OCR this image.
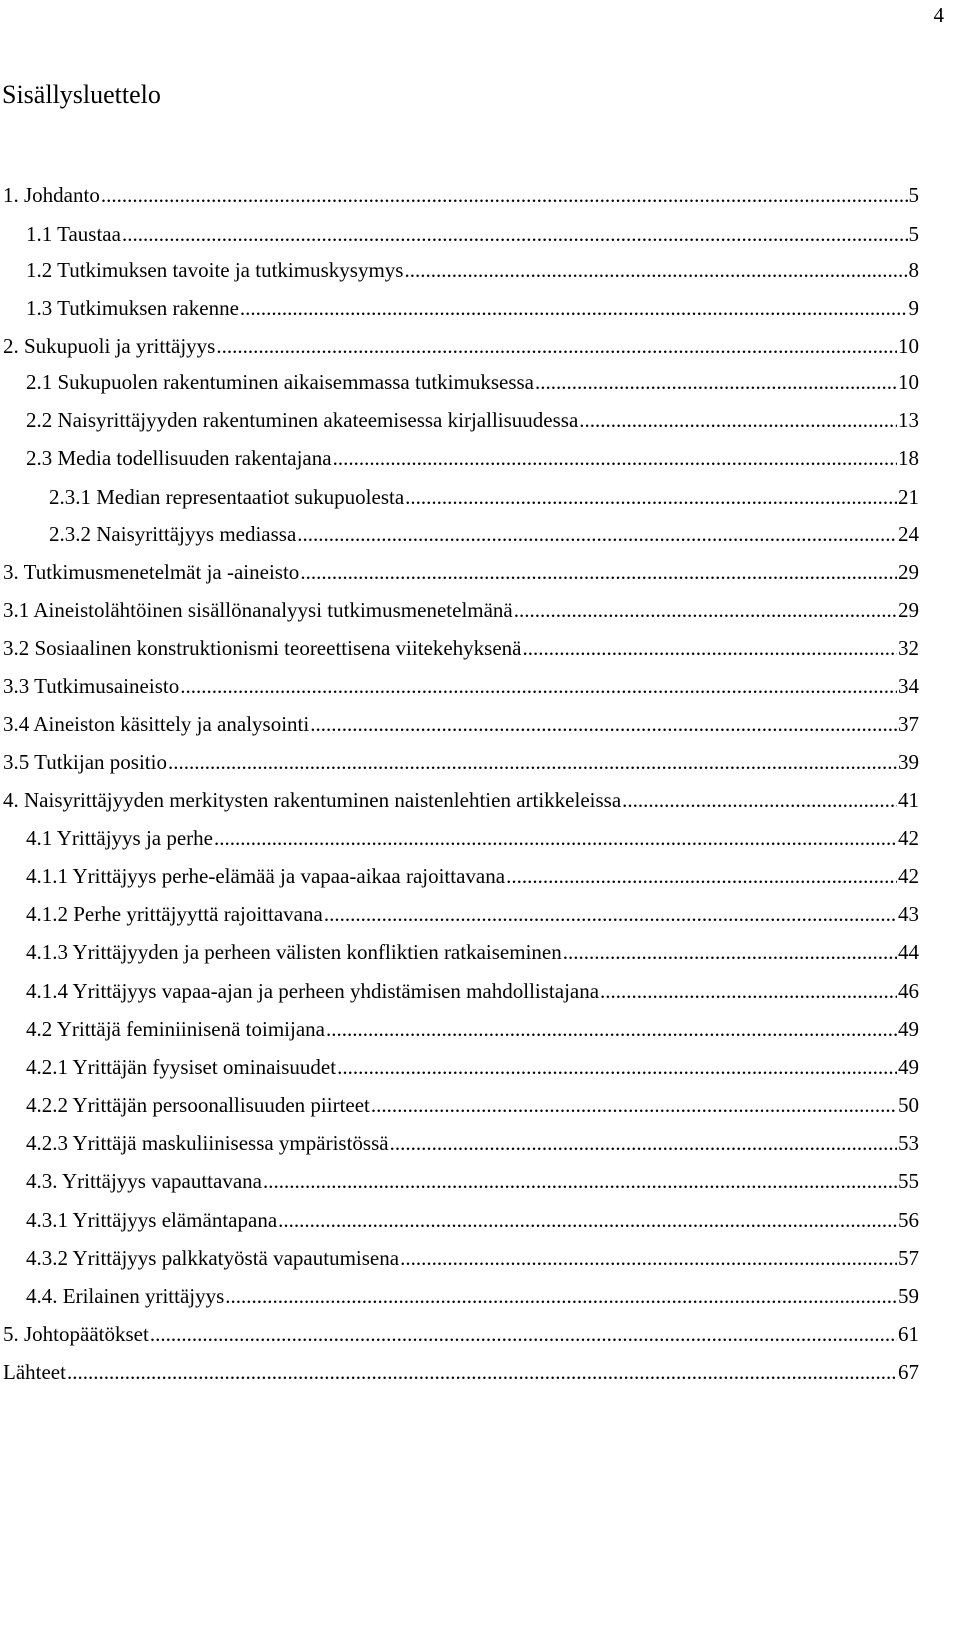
4
Sisällysluettelo
1. Johdanto .....	5
1.1 Taustaa .....	5
1.2 Tutkimuksen tavoite ja tutkimuskysymys .....	8
1.3 Tutkimuksen rakenne .....	9
2. Sukupuoli ja yrittäjyys .....	10
2.1 Sukupuolen rakentuminen aikaisemmassa tutkimuksessa .....	10
2.2 Naisyrittäjyyden rakentuminen akateemisessa kirjallisuudessa .....	13
2.3 Media todellisuuden rakentajana .....	18
2.3.1 Median representaatiot sukupuolesta .....	21
2.3.2 Naisyrittäjyys mediassa .....	24
3. Tutkimusmenetelmät ja -aineisto .....	29
3.1 Aineistolähtöinen sisällönanalyysi tutkimusmenetelmänä .....	29
3.2 Sosiaalinen konstruktionismi teoreettisena viitekehyksenä .....	32
3.3 Tutkimusaineisto .....	34
3.4 Aineiston käsittely ja analysointi .....	37
3.5 Tutkijan positio .....	39
4. Naisyrittäjyyden merkitysten rakentuminen naistenlehtien artikkeleissa .....	41
4.1 Yrittäjyys ja perhe .....	42
4.1.1 Yrittäjyys perhe-elämää ja vapaa-aikaa rajoittavana .....	42
4.1.2 Perhe yrittäjyyttä rajoittavana .....	43
4.1.3 Yrittäjyyden ja perheen välisten konfliktien ratkaiseminen .....	44
4.1.4 Yrittäjyys vapaa-ajan ja perheen yhdistämisen mahdollistajana .....	46
4.2 Yrittäjä feminiinisenä toimijana .....	49
4.2.1 Yrittäjän fyysiset ominaisuudet .....	49
4.2.2 Yrittäjän persoonallisuuden piirteet .....	50
4.2.3 Yrittäjä maskuliinisessa ympäristössä .....	53
4.3. Yrittäjyys vapauttavana .....	55
4.3.1 Yrittäjyys elämäntapana .....	56
4.3.2 Yrittäjyys palkkatyöstä vapautumisena .....	57
4.4. Erilainen yrittäjyys .....	59
5. Johtopäätökset .....	61
Lähteet .....	67
